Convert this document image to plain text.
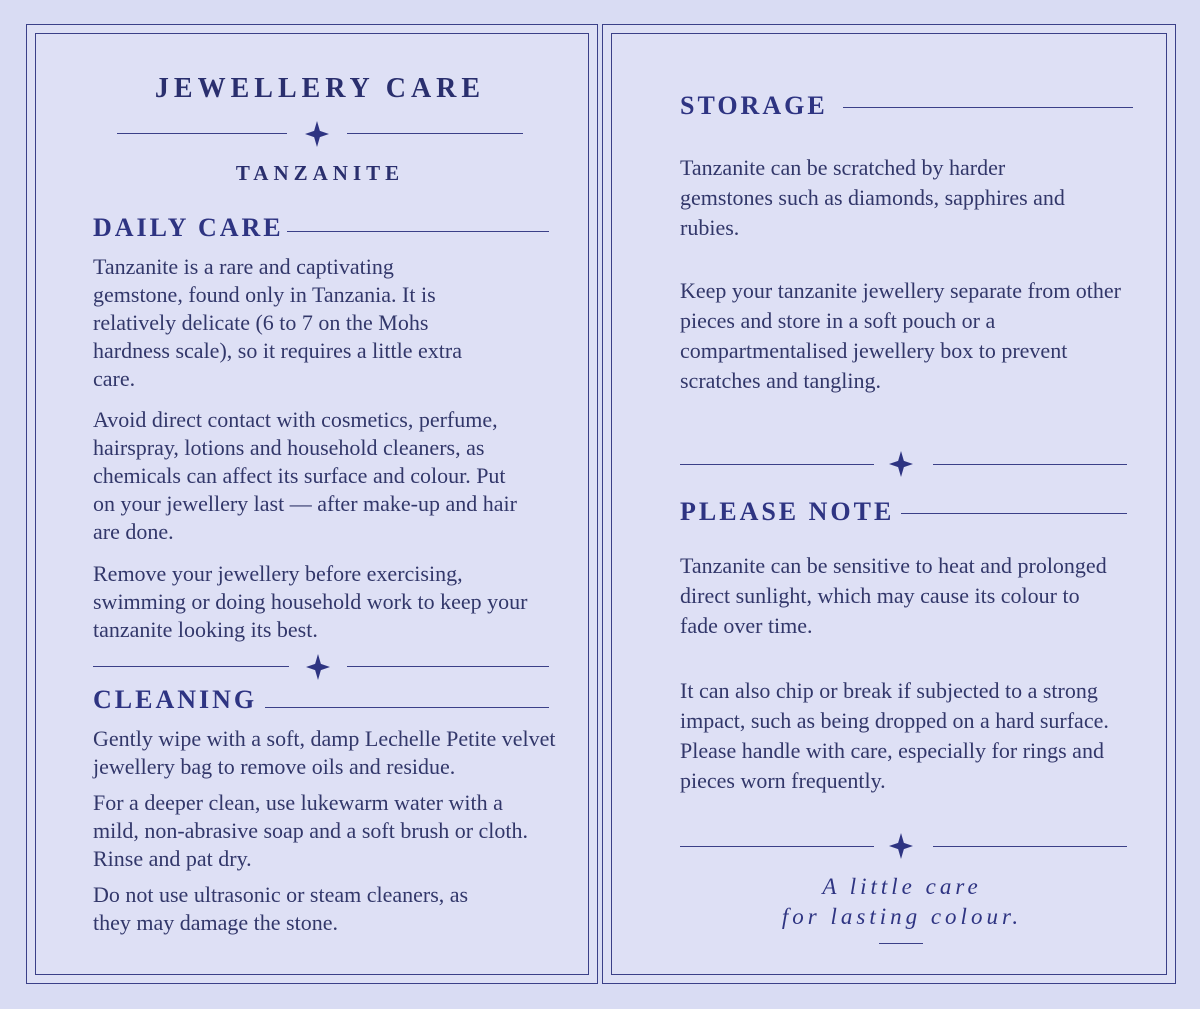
JEWELLERY CARE
TANZANITE
DAILY CARE

Tanzanite is a rare and captivating gemstone, found only in Tanzania. It is relatively delicate (6 to 7 on the Mohs hardness scale), so it requires a little extra care.

Avoid direct contact with cosmetics, perfume, hairspray, lotions and household cleaners, as chemicals can affect its surface and colour. Put on your jewellery last — after make-up and hair are done.

Remove your jewellery before exercising, swimming or doing household work to keep your tanzanite looking its best.

CLEANING

Gently wipe with a soft, damp Lechelle Petite velvet jewellery bag to remove oils and residue.

For a deeper clean, use lukewarm water with a mild, non-abrasive soap and a soft brush or cloth. Rinse and pat dry.

Do not use ultrasonic or steam cleaners, as they may damage the stone.

STORAGE

Tanzanite can be scratched by harder gemstones such as diamonds, sapphires and rubies.

Keep your tanzanite jewellery separate from other pieces and store in a soft pouch or a compartmentalised jewellery box to prevent scratches and tangling.

PLEASE NOTE

Tanzanite can be sensitive to heat and prolonged direct sunlight, which may cause its colour to fade over time.

It can also chip or break if subjected to a strong impact, such as being dropped on a hard surface. Please handle with care, especially for rings and pieces worn frequently.

A little care
for lasting colour.
